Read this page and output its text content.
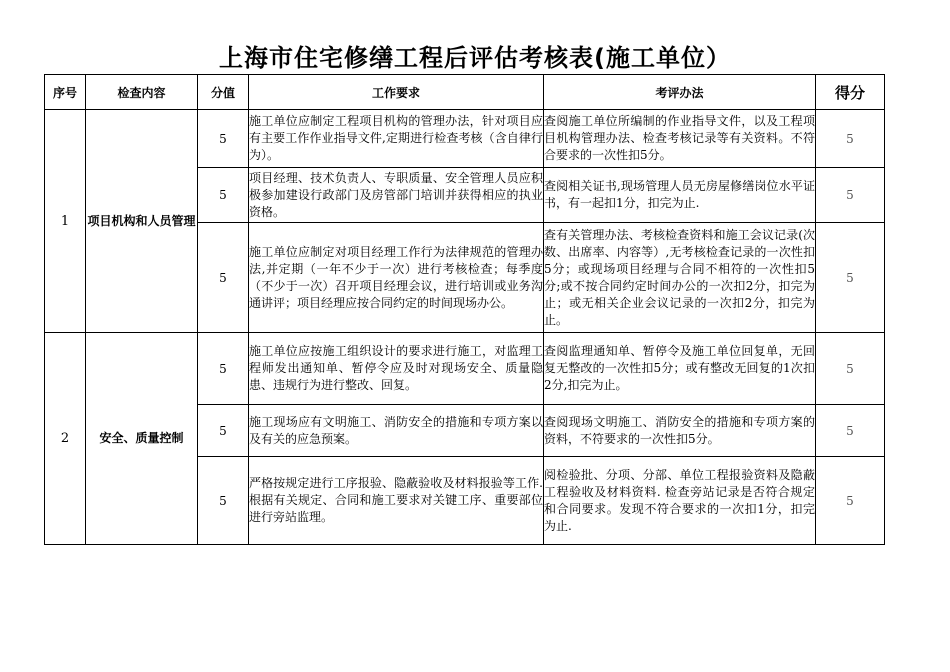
上海市住宅修缮工程后评估考核表(施工单位）
序号	检查内容	分值	工作要求	考评办法	得分
1	项目机构和人员管理	5	施工单位应制定工程项目机构的管理办法，针对项目应有主要工作作业指导文件,定期进行检查考核（含自律行为）。	查阅施工单位所编制的作业指导文件，以及工程项目机构管理办法、检查考核记录等有关资料。不符合要求的一次性扣5分。	5
		5	项目经理、技术负责人、专职质量、安全管理人员应积极参加建设行政部门及房管部门培训并获得相应的执业资格。	查阅相关证书,现场管理人员无房屋修缮岗位水平证书，有一起扣1分，扣完为止.	5
		5	施工单位应制定对项目经理工作行为法律规范的管理办法,并定期（一年不少于一次）进行考核检查；每季度（不少于一次）召开项目经理会议，进行培训或业务沟通讲评；项目经理应按合同约定的时间现场办公。	查有关管理办法、考核检查资料和施工会议记录(次数、出席率、内容等）,无考核检查记录的一次性扣5分；或现场项目经理与合同不相符的一次性扣5分;或不按合同约定时间办公的一次扣2分，扣完为止；或无相关企业会议记录的一次扣2分，扣完为止。	5
2	安全、质量控制	5	施工单位应按施工组织设计的要求进行施工，对监理工程师发出通知单、暂停令应及时对现场安全、质量隐患、违规行为进行整改、回复。	查阅监理通知单、暂停令及施工单位回复单，无回复无整改的一次性扣5分；或有整改无回复的1次扣2分,扣完为止。	5
		5	施工现场应有文明施工、消防安全的措施和专项方案以及有关的应急预案。	查阅现场文明施工、消防安全的措施和专项方案的资料，不符要求的一次性扣5分。	5
		5	严格按规定进行工序报验、隐蔽验收及材料报验等工作. 根据有关规定、合同和施工要求对关键工序、重要部位进行旁站监理。	阅检验批、分项、分部、单位工程报验资料及隐蔽工程验收及材料资料. 检查旁站记录是否符合规定和合同要求。发现不符合要求的一次扣1分，扣完为止.	5
